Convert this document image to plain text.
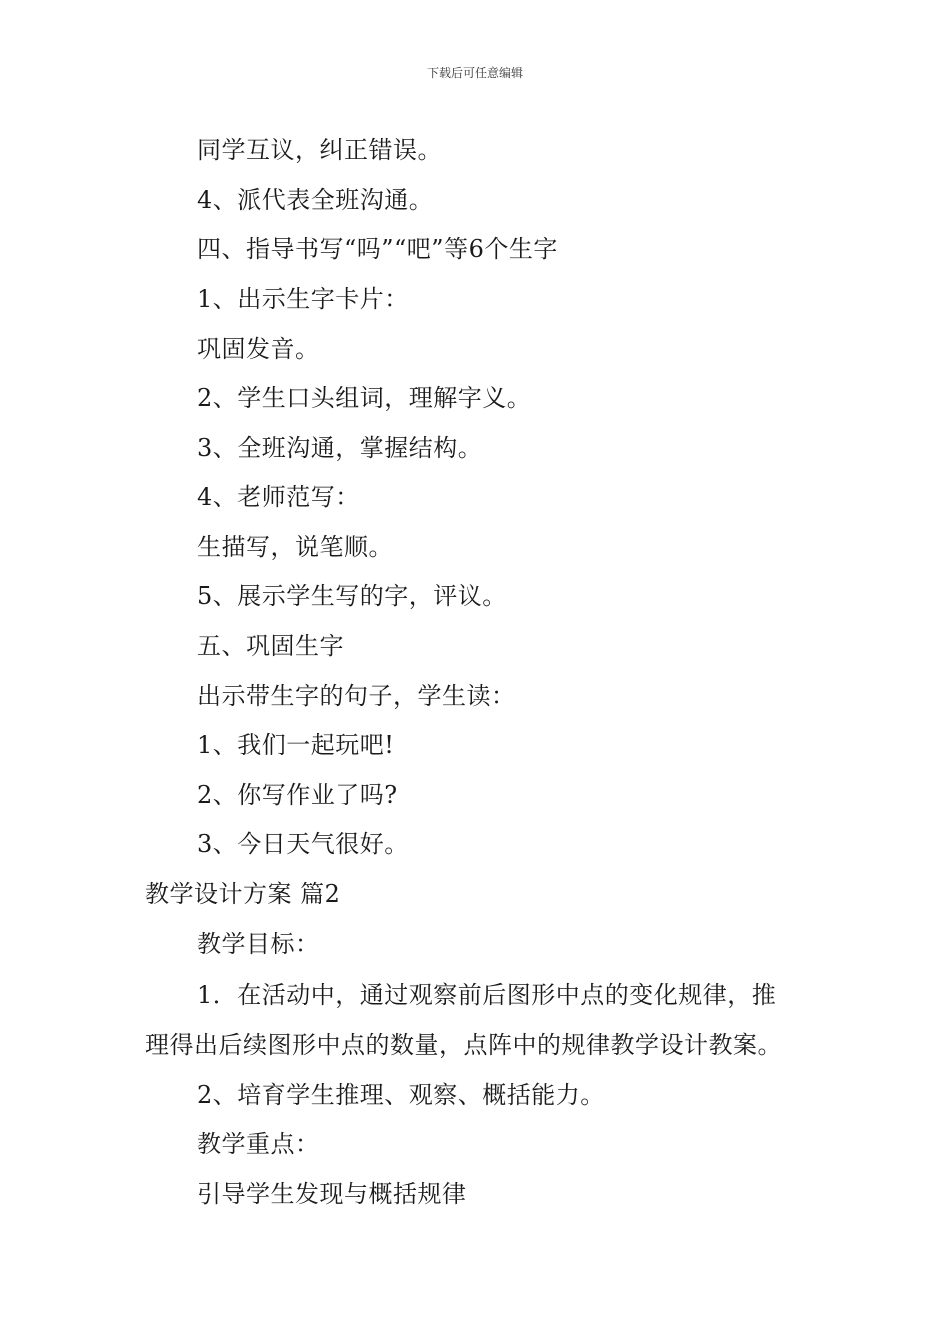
下载后可任意编辑
同学互议，纠正错误。
4、派代表全班沟通。
四、指导书写“吗”“吧”等6个生字
1、出示生字卡片：
巩固发音。
2、学生口头组词，理解字义。
3、全班沟通，掌握结构。
4、老师范写：
生描写，说笔顺。
5、展示学生写的字，评议。
五、巩固生字
出示带生字的句子，学生读：
1、我们一起玩吧!
2、你写作业了吗?
3、今日天气很好。
教学设计方案 篇2
教学目标：
1．在活动中，通过观察前后图形中点的变化规律，推
理得出后续图形中点的数量，点阵中的规律教学设计教案。
2、培育学生推理、观察、概括能力。
教学重点：
引导学生发现与概括规律
